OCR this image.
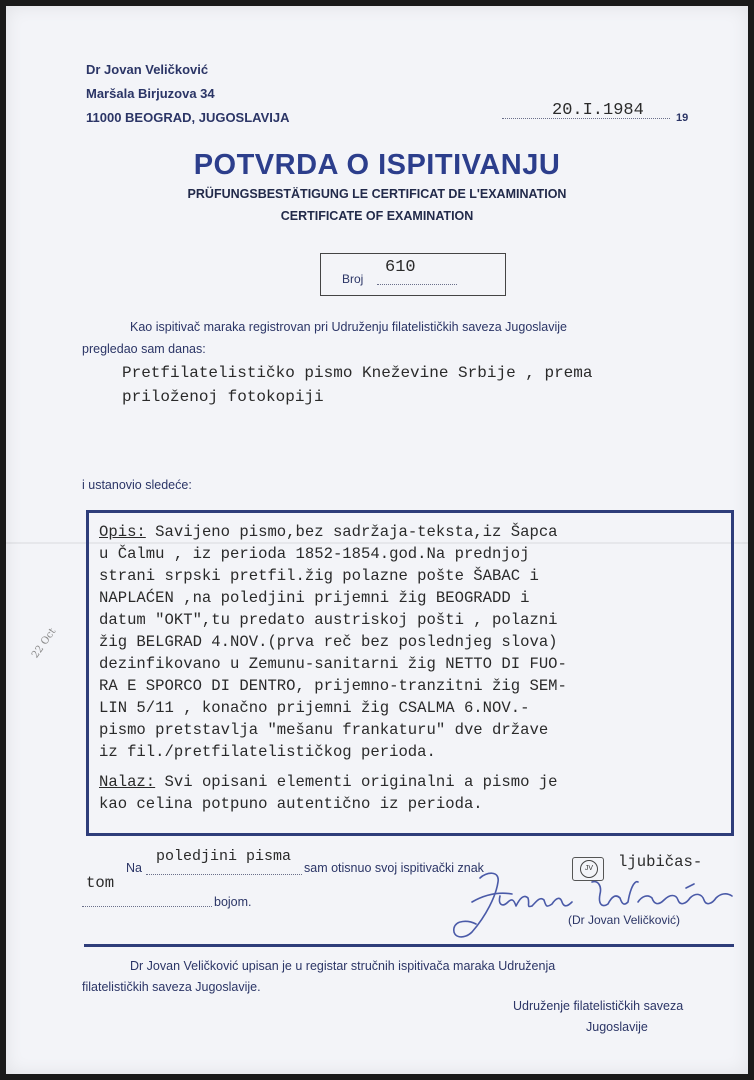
Dr Jovan Veličković
Maršala Birjuzova 34
11000 BEOGRAD, JUGOSLAVIJA	20.I.1984	19
POTVRDA O ISPITIVANJU
PRÜFUNGSBESTÄTIGUNG LE CERTIFICAT DE L'EXAMINATION
CERTIFICATE OF EXAMINATION
Broj
610
Kao ispitivač maraka registrovan pri Udruženju filatelističkih saveza Jugoslavije
pregledao sam danas:
Pretfilatelističko pismo Kneževine Srbije , prema
priloženoj fotokopiji
i ustanovio sledeće:
22 Oct
Opis: Savijeno pismo,bez sadržaja-teksta,iz Šapca
u Čalmu , iz perioda 1852-1854.god.Na prednjoj
strani srpski pretfil.žig polazne pošte ŠABAC i
NAPLAĆEN ,na poledjini prijemni žig BEOGRADD i
datum "OKT",tu predato austriskoj pošti , polazni
žig BELGRAD 4.NOV.(prva reč bez poslednjeg slova)
dezinfikovano u Zemunu-sanitarni žig NETTO DI FUO-
RA E SPORCO DI DENTRO, prijemno-tranzitni žig SEM-
LIN 5/11 , konačno prijemni žig CSALMA 6.NOV.-
pismo pretstavlja "mešanu frankaturu" dve države
iz fil./pretfilatelističkog perioda.
Nalaz: Svi opisani elementi originalni a pismo je
kao celina potpuno autentično iz perioda.
Na
poledjini pisma
sam otisnuo svoj ispitivački znak	JV	ljubičas-
tom
bojom.
(Dr Jovan Veličković)
Dr Jovan Veličković upisan je u registar stručnih ispitivača maraka Udruženja
filatelističkih saveza Jugoslavije.
Udruženje filatelističkih saveza
Jugoslavije
